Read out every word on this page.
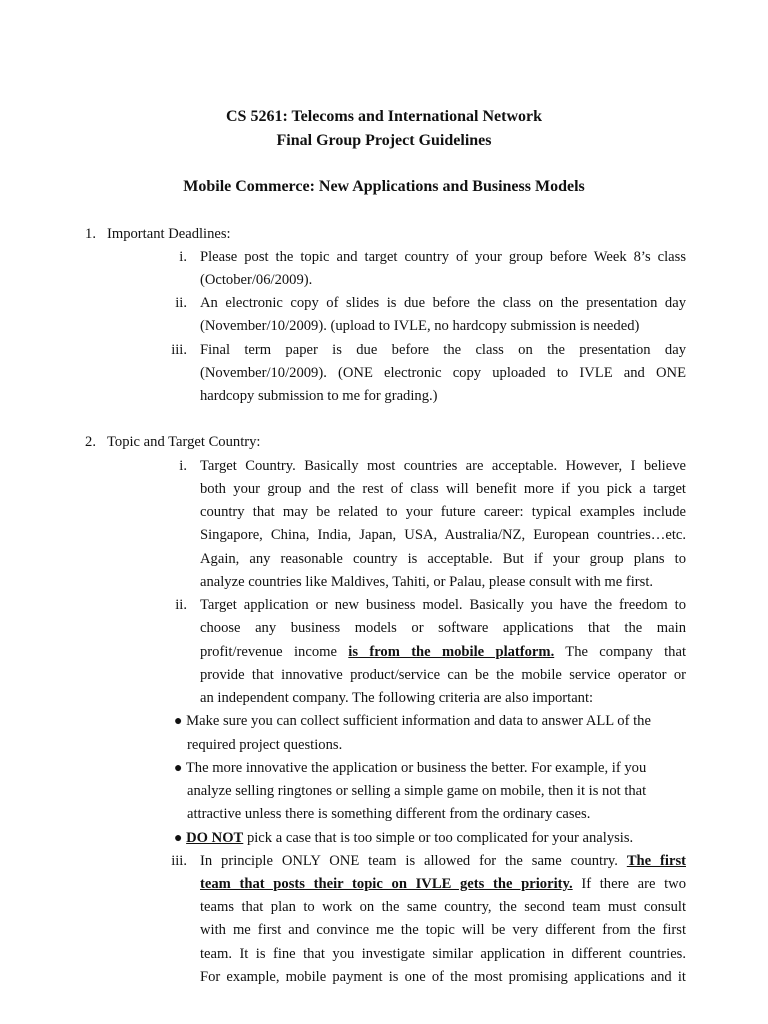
CS 5261: Telecoms and International Network
Final Group Project Guidelines
Mobile Commerce: New Applications and Business Models
1. Important Deadlines:
i. Please post the topic and target country of your group before Week 8’s class
(October/06/2009).
ii. An electronic copy of slides is due before the class on the presentation day
(November/10/2009). (upload to IVLE, no hardcopy submission is needed)
iii. Final term paper is due before the class on the presentation day
(November/10/2009). (ONE electronic copy uploaded to IVLE and ONE
hardcopy submission to me for grading.)
2. Topic and Target Country:
i. Target Country. Basically most countries are acceptable. However, I believe
both your group and the rest of class will benefit more if you pick a target
country that may be related to your future career: typical examples include
Singapore, China, India, Japan, USA, Australia/NZ, European countries…etc.
Again, any reasonable country is acceptable. But if your group plans to
analyze countries like Maldives, Tahiti, or Palau, please consult with me first.
ii. Target application or new business model. Basically you have the freedom to
choose any business models or software applications that the main
profit/revenue income is from the mobile platform. The company that
provide that innovative product/service can be the mobile service operator or
an independent company. The following criteria are also important:
● Make sure you can collect sufficient information and data to answer ALL of the
required project questions.
● The more innovative the application or business the better. For example, if you
analyze selling ringtones or selling a simple game on mobile, then it is not that
attractive unless there is something different from the ordinary cases.
● DO NOT pick a case that is too simple or too complicated for your analysis.
iii. In principle ONLY ONE team is allowed for the same country. The first
team that posts their topic on IVLE gets the priority. If there are two
teams that plan to work on the same country, the second team must consult
with me first and convince me the topic will be very different from the first
team. It is fine that you investigate similar application in different countries.
For example, mobile payment is one of the most promising applications and it
